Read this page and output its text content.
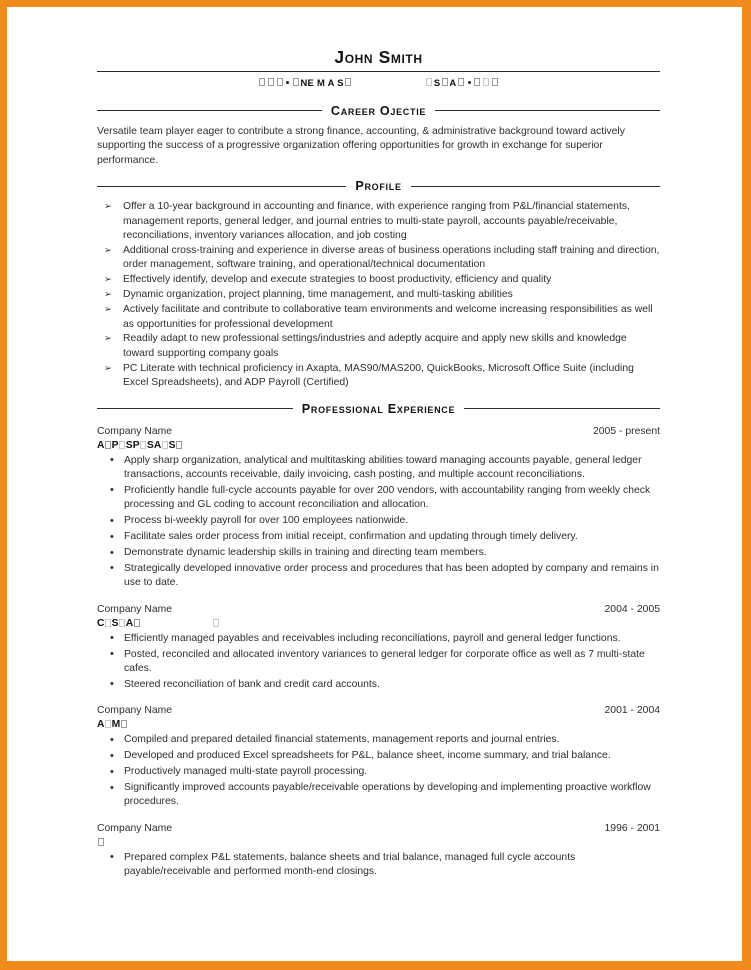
John Smith
NE M A S	S A
Career Ojectie

Versatile team player eager to contribute a strong finance, accounting, & administrative background toward actively supporting the success of a progressive organization offering opportunities for growth in exchange for superior performance.

Profile
➢ Offer a 10-year background in accounting and finance, with experience ranging from P&L/financial statements, management reports, general ledger, and journal entries to multi-state payroll, accounts payable/receivable, reconciliations, inventory variances allocation, and job costing
➢ Additional cross-training and experience in diverse areas of business operations including staff training and direction, order management, software training, and operational/technical documentation
➢ Effectively identify, develop and execute strategies to boost productivity, efficiency and quality
➢ Dynamic organization, project planning, time management, and multi-tasking abilities
➢ Actively facilitate and contribute to collaborative team environments and welcome increasing responsibilities as well as opportunities for professional development
➢ Readily adapt to new professional settings/industries and adeptly acquire and apply new skills and knowledge toward supporting company goals
➢ PC Literate with technical proficiency in Axapta, MAS90/MAS200, QuickBooks, Microsoft Office Suite (including Excel Spreadsheets), and ADP Payroll (Certified)
Professional Experience
Company Name	2005 - present
A P SP SA S
• Apply sharp organization, analytical and multitasking abilities toward managing accounts payable, general ledger transactions, accounts receivable, daily invoicing, cash posting, and multiple account reconciliations.
• Proficiently handle full-cycle accounts payable for over 200 vendors, with accountability ranging from weekly check processing and GL coding to account reconciliation and allocation.
• Process bi-weekly payroll for over 100 employees nationwide.
• Facilitate sales order process from initial receipt, confirmation and updating through timely delivery.
• Demonstrate dynamic leadership skills in training and directing team members.
• Strategically developed innovative order process and procedures that has been adopted by company and remains in use to date.
Company Name	2004 - 2005
C S A
• Efficiently managed payables and receivables including reconciliations, payroll and general ledger functions.
• Posted, reconciled and allocated inventory variances to general ledger for corporate office as well as 7 multi-state cafes.
• Steered reconciliation of bank and credit card accounts.
Company Name	2001 - 2004
A M
• Compiled and prepared detailed financial statements, management reports and journal entries.
• Developed and produced Excel spreadsheets for P&L, balance sheet, income summary, and trial balance.
• Productively managed multi-state payroll processing.
• Significantly improved accounts payable/receivable operations by developing and implementing proactive workflow procedures.
Company Name	1996 - 2001
• Prepared complex P&L statements, balance sheets and trial balance, managed full cycle accounts payable/receivable and performed month-end closings.
